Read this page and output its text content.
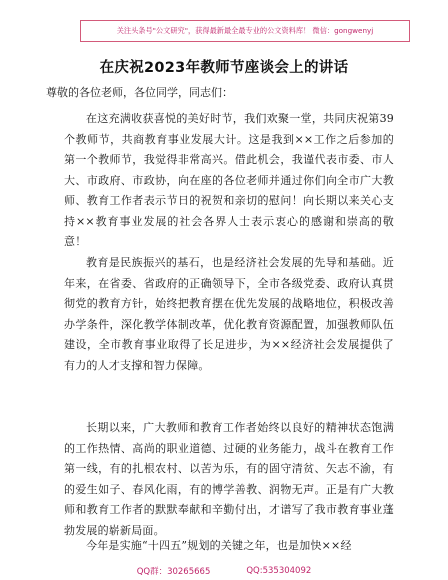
关注头条号"公文研究"，获得最新最全最专业的公文资料库！ 微信：gongwenyj
在庆祝2023年教师节座谈会上的讲话

尊敬的各位老师，各位同学，同志们：

在这充满收获喜悦的美好时节，我们欢聚一堂，共同庆祝第39个教师节，共商教育事业发展大计。这是我到××工作之后参加的第一个教师节，我觉得非常高兴。借此机会，我谨代表市委、市人大、市政府、市政协，向在座的各位老师并通过你们向全市广大教师、教育工作者表示节日的祝贺和亲切的慰问！向长期以来关心支持××教育事业发展的社会各界人士表示衷心的感谢和崇高的敬意！

教育是民族振兴的基石，也是经济社会发展的先导和基础。近年来，在省委、省政府的正确领导下，全市各级党委、政府认真贯彻党的教育方针，始终把教育摆在优先发展的战略地位，积极改善办学条件，深化教学体制改革，优化教育资源配置，加强教师队伍建设，全市教育事业取得了长足进步，为××经济社会发展提供了有力的人才支撑和智力保障。

长期以来，广大教师和教育工作者始终以良好的精神状态饱满的工作热情、高尚的职业道德、过硬的业务能力，战斗在教育工作第一线，有的扎根农村、以苦为乐，有的固守清贫、矢志不渝，有的爱生如子、春风化雨，有的博学善教、润物无声。正是有广大教师和教育工作者的默默奉献和辛勤付出，才谱写了我市教育事业蓬勃发展的崭新局面。

今年是实施“十四五”规划的关键之年，也是加快××经

QQ群：30265665	QQ:535304092
